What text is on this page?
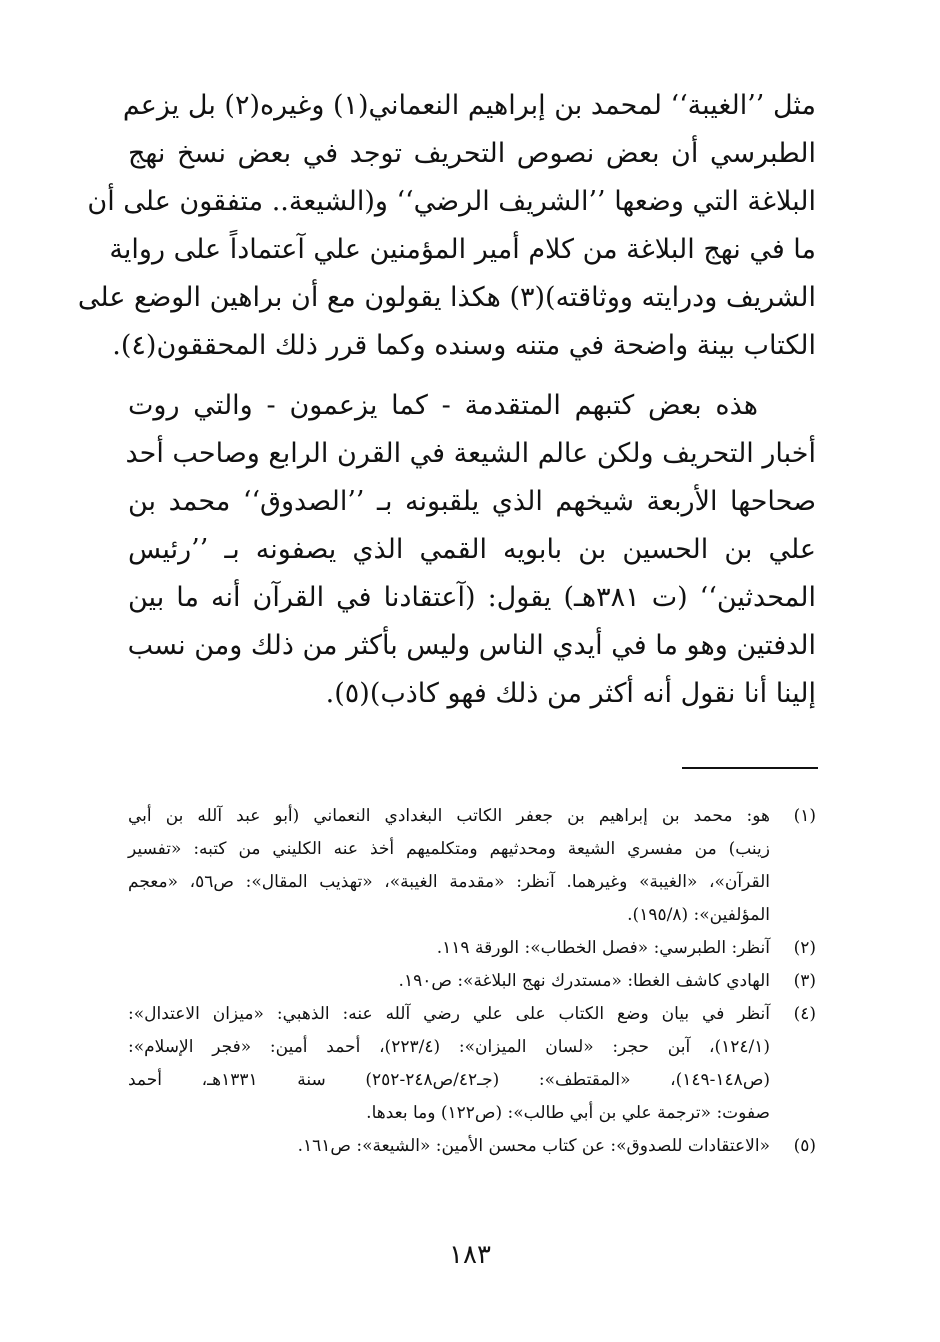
مثل ’’الغيبة‘‘ لمحمد بن إبراهيم النعماني(١) وغيره(٢) بل يزعم
الطبرسي أن بعض نصوص التحريف توجد في بعض نسخ نهج
البلاغة التي وضعها ’’الشريف الرضي‘‘ و(الشيعة.. متفقون على أن
ما في نهج البلاغة من كلام أمير المؤمنين علي آعتماداً على رواية
الشريف ودرايته ووثاقته)(٣) هكذا يقولون مع أن براهين الوضع على
الكتاب بينة واضحة في متنه وسنده وكما قرر ذلك المحققون(٤).
هذه بعض كتبهم المتقدمة - كما يزعمون - والتي روت
أخبار التحريف ولكن عالم الشيعة في القرن الرابع وصاحب أحد
صحاحها الأربعة شيخهم الذي يلقبونه بـ ’’الصدوق‘‘ محمد بن
علي بن الحسين بن بابويه القمي الذي يصفونه بـ ’’رئيس
المحدثين‘‘ (ت ٣٨١هـ) يقول: (آعتقادنا في القرآن أنه ما بين
الدفتين وهو ما في أيدي الناس وليس بأكثر من ذلك ومن نسب
إلينا أنا نقول أنه أكثر من ذلك فهو كاذب)(٥).
(١)
هو: محمد بن إبراهيم بن جعفر الكاتب البغدادي النعماني (أبو عبد آلله بن أبي
زينب) من مفسري الشيعة ومحدثيهم ومتكلميهم أخذ عنه الكليني من كتبه: «تفسير
القرآن»، «الغيبة» وغيرهما. آنظر: «مقدمة الغيبة»، «تهذيب المقال»: ص٥٦، «معجم
المؤلفين»: (١٩٥/٨).
(٢)
آنظر: الطبرسي: «فصل الخطاب»: الورقة ١١٩.
(٣)
الهادي كاشف الغطا: «مستدرك نهج البلاغة»: ص١٩٠.
(٤)
آنظر في بيان وضع الكتاب على علي رضي آلله عنه: الذهبي: «ميزان الاعتدال»:
(١٢٤/١)، آبن حجر: «لسان الميزان»: (٢٢٣/٤)، أحمد أمين: «فجر الإسلام»:
(ص١٤٨-١٤٩)، «المقتطف»: (جـ٤٢/ص٢٤٨-٢٥٢) سنة ١٣٣١هـ، أحمد
صفوت: «ترجمة علي بن أبي طالب»: (ص١٢٢) وما بعدها.
(٥)
«الاعتقادات للصدوق»: عن كتاب محسن الأمين: «الشيعة»: ص١٦١.
١٨٣
